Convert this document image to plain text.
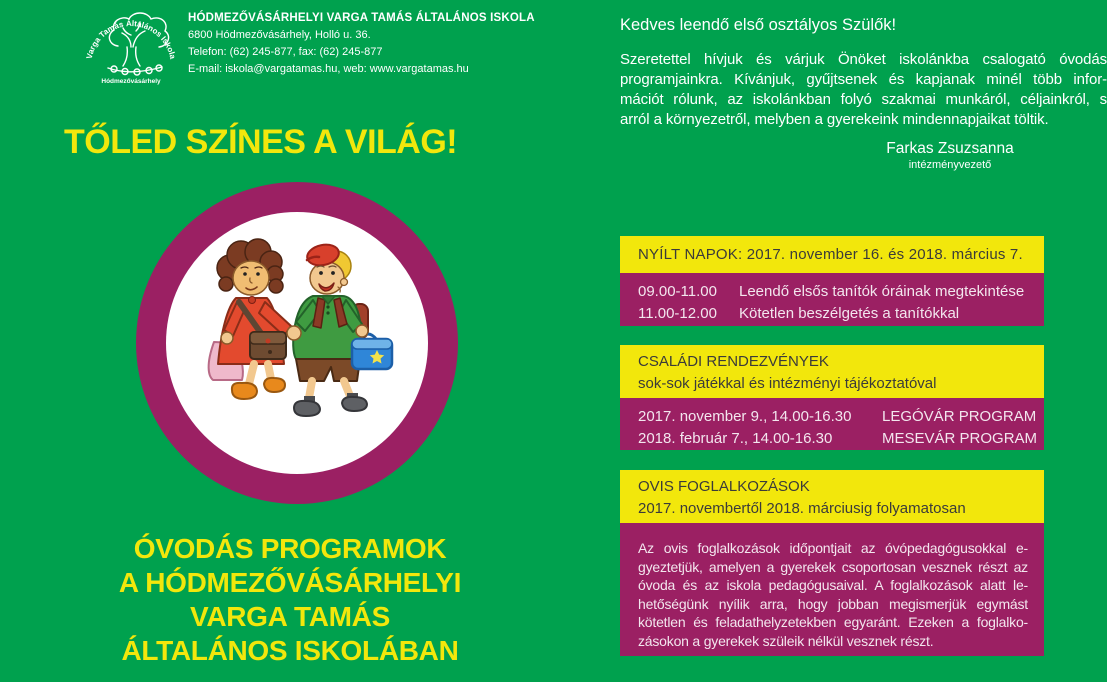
Varga Tamás Általános Iskola
Hódmezővásárhely
HÓDMEZŐVÁSÁRHELYI VARGA TAMÁS ÁLTALÁNOS ISKOLA
6800 Hódmezővásárhely, Holló u. 36.
Telefon: (62) 245-877, fax: (62) 245-877
E-mail: iskola@vargatamas.hu, web: www.vargatamas.hu
Kedves leendő első osztályos Szülők!
Szeretettel hívjuk és várjuk Önöket iskolánkba csalogató óvodás
programjainkra. Kívánjuk, gyűjtsenek és kapjanak minél több infor-
mációt rólunk, az iskolánkban folyó szakmai munkáról, céljainkról, s
arról a környezetről, melyben a gyerekeink mindennapjaikat töltik.
Farkas Zsuzsanna
intézményvezető
TŐLED SZÍNES A VILÁG!
ÓVODÁS PROGRAMOK
A HÓDMEZŐVÁSÁRHELYI
VARGA TAMÁS
ÁLTALÁNOS ISKOLÁBAN
NYÍLT NAPOK: 2017. november 16. és 2018. március 7.
09.00-11.00 Leendő elsős tanítók óráinak megtekintése
11.00-12.00 Kötetlen beszélgetés a tanítókkal
CSALÁDI RENDEZVÉNYEK
sok-sok játékkal és intézményi tájékoztatóval
2017. november 9., 14.00-16.30	LEGÓVÁR PROGRAM
2018. február 7., 14.00-16.30	MESEVÁR PROGRAM
OVIS FOGLALKOZÁSOK
2017. novembertől 2018. márciusig folyamatosan
Az ovis foglalkozások időpontjait az óvópedagógusokkal e-
gyeztetjük, amelyen a gyerekek csoportosan vesznek részt az
óvoda és az iskola pedagógusaival. A foglalkozások alatt le-
hetőségünk nyílik arra, hogy jobban megismerjük egymást
kötetlen és feladathelyzetekben egyaránt. Ezeken a foglalko-
zásokon a gyerekek szüleik nélkül vesznek részt.
